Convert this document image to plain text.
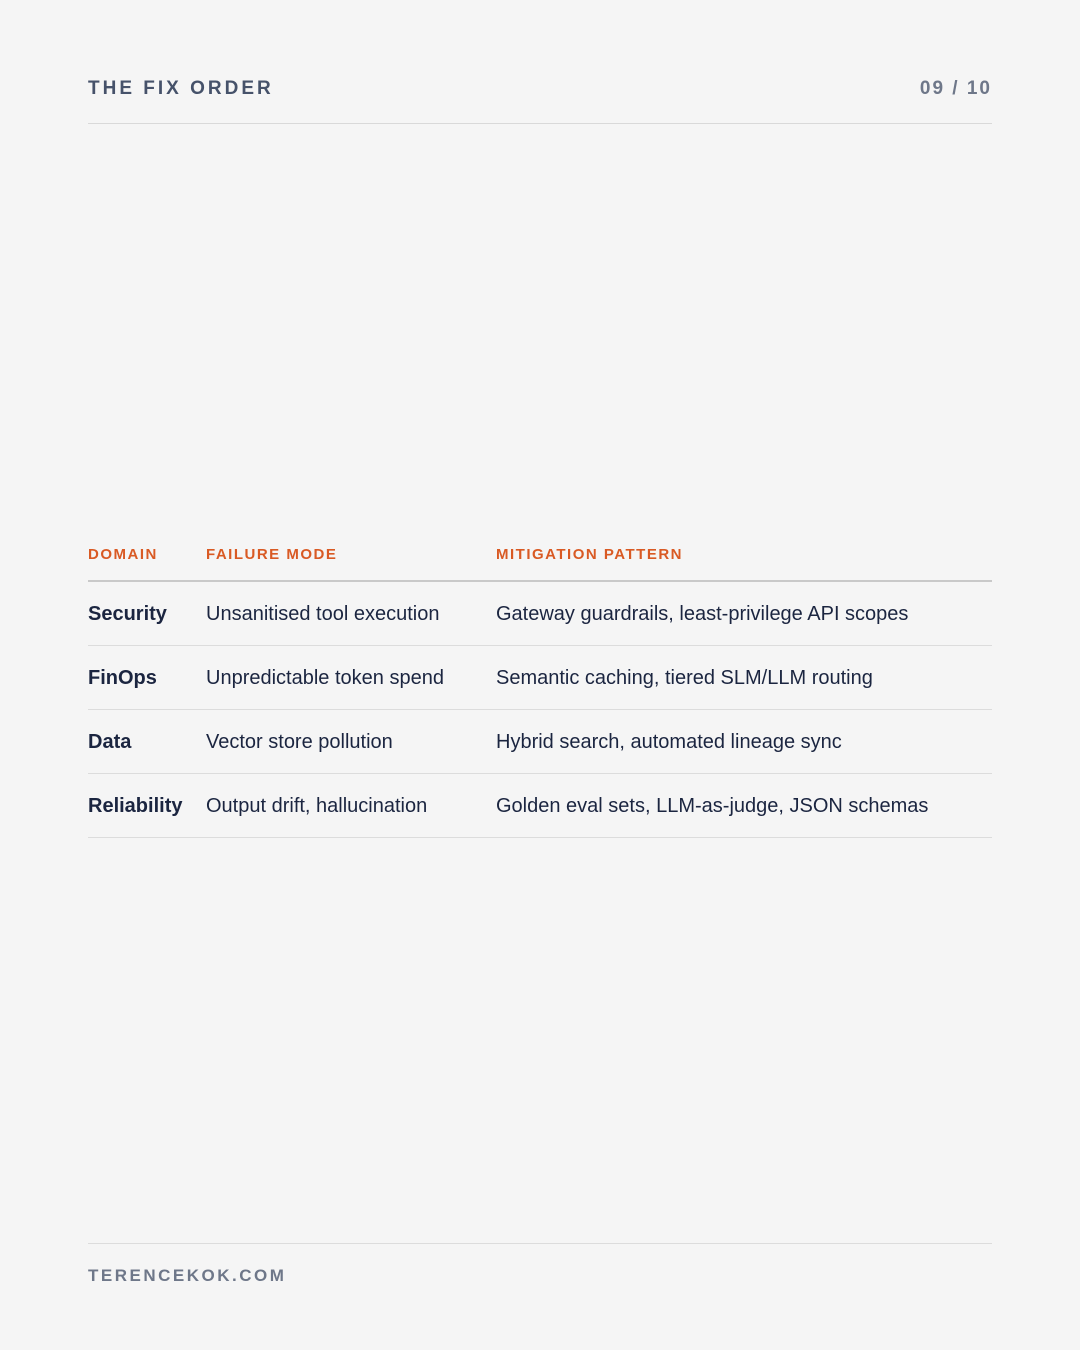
THE FIX ORDER	09 / 10
DOMAIN	FAILURE MODE	MITIGATION PATTERN
Security	Unsanitised tool execution	Gateway guardrails, least-privilege API scopes
FinOps	Unpredictable token spend	Semantic caching, tiered SLM/LLM routing
Data	Vector store pollution	Hybrid search, automated lineage sync
Reliability	Output drift, hallucination	Golden eval sets, LLM-as-judge, JSON schemas
TERENCEKOK.COM
